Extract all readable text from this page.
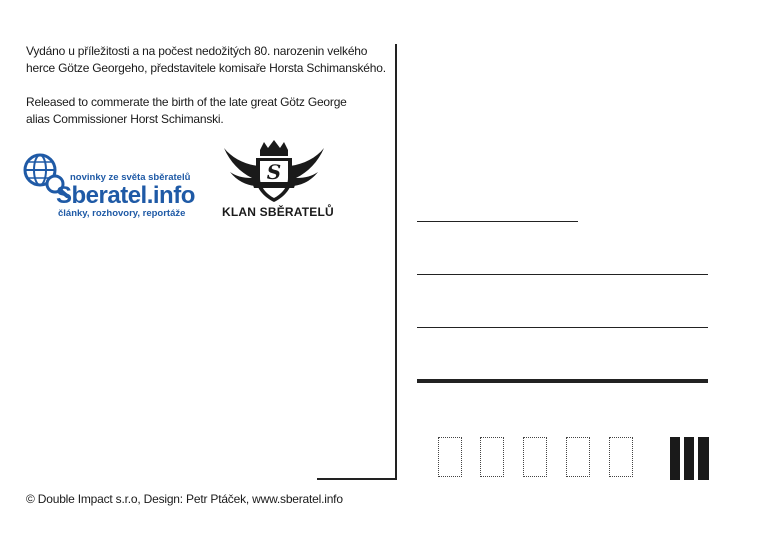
Vydáno u příležitosti a na počest nedožitých 80. narozenin velkého
herce Götze Georgeho, představitele komisaře Horsta Schimanského.
Released to commerate the birth of the late great Götz George
alias Commissioner Horst Schimanski.
novinky ze světa sběratelů
Sberatel.info
články, rozhovory, reportáže
S
KLAN SBĚRATELŮ
© Double Impact s.r.o, Design: Petr Ptáček, www.sberatel.info
